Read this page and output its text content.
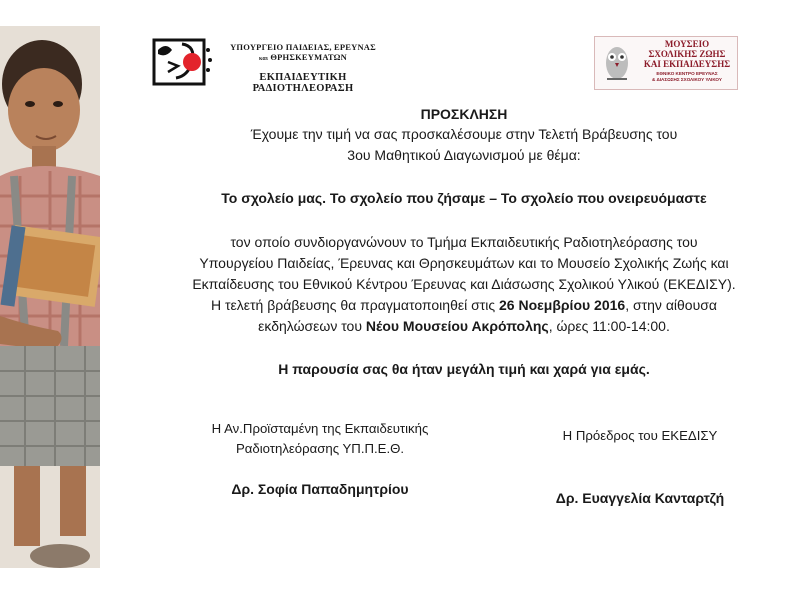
ΥΠΟΥΡΓΕΙΟ ΠΑΙΔΕΙΑΣ, ΕΡΕΥΝΑΣ
και ΘΡΗΣΚΕΥΜΑΤΩΝ
ΕΚΠΑΙΔΕΥΤΙΚΗ ΡΑΔΙΟΤΗΛΕΟΡΑΣΗ
ΜΟΥΣΕΙΟ
ΣΧΟΛΙΚΗΣ ΖΩΗΣ
ΚΑΙ ΕΚΠΑΙΔΕΥΣΗΣ
ΕΘΝΙΚΟ ΚΕΝΤΡΟ ΕΡΕΥΝΑΣ
& ΔΙΑΣΩΣΗΣ ΣΧΟΛΙΚΟΥ ΥΛΙΚΟΥ
ΠΡΟΣΚΛΗΣΗ

Έχουμε την τιμή να σας προσκαλέσουμε στην Τελετή Βράβευσης του

3ου Μαθητικού Διαγωνισμού με θέμα:

Το σχολείο μας. Το σχολείο που ζήσαμε – Το σχολείο που ονειρευόμαστε

τον οποίο συνδιοργανώνουν το Τμήμα Εκπαιδευτικής Ραδιοτηλεόρασης του

Υπουργείου Παιδείας, Έρευνας και Θρησκευμάτων και το Μουσείο Σχολικής Ζωής και

Εκπαίδευσης του Εθνικού Κέντρου Έρευνας και Διάσωσης Σχολικού Υλικού (ΕΚΕΔΙΣΥ).

Η τελετή βράβευσης θα πραγματοποιηθεί στις 26 Νοεμβρίου 2016, στην αίθουσα

εκδηλώσεων του Νέου Μουσείου Ακρόπολης, ώρες 11:00-14:00.

Η παρουσία σας θα ήταν μεγάλη τιμή και χαρά για εμάς.

Η Αν.Προϊσταμένη της Εκπαιδευτικής

Ραδιοτηλεόρασης ΥΠ.Π.Ε.Θ.

Δρ. Σοφία Παπαδημητρίου
Η Πρόεδρος του ΕΚΕΔΙΣΥ
Δρ. Ευαγγελία Κανταρτζή
